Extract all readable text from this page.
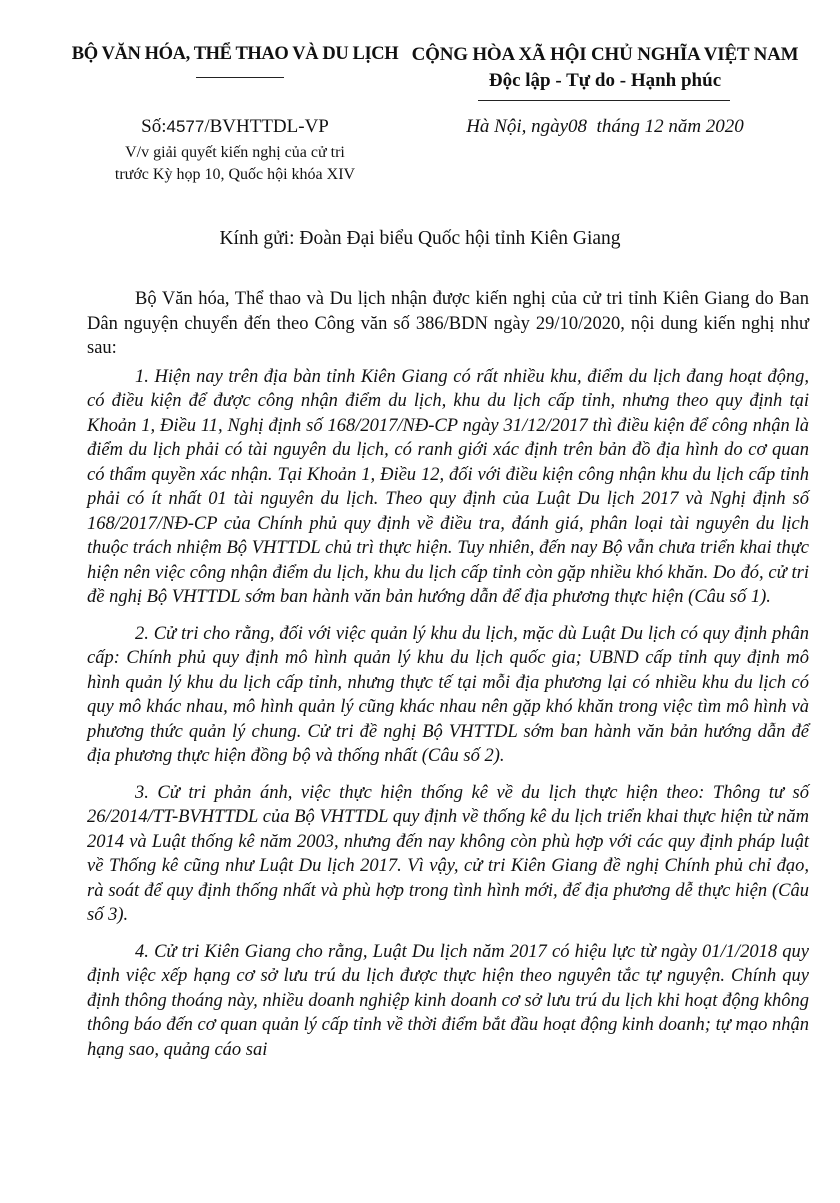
BỘ VĂN HÓA, THỂ THAO VÀ DU LỊCH CỘNG HÒA XÃ HỘI CHỦ NGHĨA VIỆT NAM
Độc lập - Tự do - Hạnh phúc
Số:4577/BVHTTDL-VP
V/v giải quyết kiến nghị của cử tri
trước Kỳ họp 10, Quốc hội khóa XIV
Hà Nội, ngày08  tháng 12 năm 2020
Kính gửi: Đoàn Đại biểu Quốc hội tỉnh Kiên Giang

Bộ Văn hóa, Thể thao và Du lịch nhận được kiến nghị của cử tri tỉnh Kiên Giang do Ban Dân nguyện chuyển đến theo Công văn số 386/BDN ngày 29/10/2020, nội dung kiến nghị như sau:

1. Hiện nay trên địa bàn tỉnh Kiên Giang có rất nhiều khu, điểm du lịch đang hoạt động, có điều kiện để được công nhận điểm du lịch, khu du lịch cấp tỉnh, nhưng theo quy định tại Khoản 1, Điều 11, Nghị định số 168/2017/NĐ-CP ngày 31/12/2017 thì điều kiện để công nhận là điểm du lịch phải có tài nguyên du lịch, có ranh giới xác định trên bản đồ địa hình do cơ quan có thẩm quyền xác nhận. Tại Khoản 1, Điều 12, đối với điều kiện công nhận khu du lịch cấp tỉnh phải có ít nhất 01 tài nguyên du lịch. Theo quy định của Luật Du lịch 2017 và Nghị định số 168/2017/NĐ-CP của Chính phủ quy định về điều tra, đánh giá, phân loại tài nguyên du lịch thuộc trách nhiệm Bộ VHTTDL chủ trì thực hiện. Tuy nhiên, đến nay Bộ vẫn chưa triển khai thực hiện nên việc công nhận điểm du lịch, khu du lịch cấp tỉnh còn gặp nhiều khó khăn. Do đó, cử tri đề nghị Bộ VHTTDL sớm ban hành văn bản hướng dẫn để địa phương thực hiện (Câu số 1).

2. Cử tri cho rằng, đối với việc quản lý khu du lịch, mặc dù Luật Du lịch có quy định phân cấp: Chính phủ quy định mô hình quản lý khu du lịch quốc gia; UBND cấp tỉnh quy định mô hình quản lý khu du lịch cấp tỉnh, nhưng thực tế tại mỗi địa phương lại có nhiều khu du lịch có quy mô khác nhau, mô hình quản lý cũng khác nhau nên gặp khó khăn trong việc tìm mô hình và phương thức quản lý chung. Cử tri đề nghị Bộ VHTTDL sớm ban hành văn bản hướng dẫn để địa phương thực hiện đồng bộ và thống nhất (Câu số 2).

3. Cử tri phản ánh, việc thực hiện thống kê về du lịch thực hiện theo: Thông tư số 26/2014/TT-BVHTTDL của Bộ VHTTDL quy định về thống kê du lịch triển khai thực hiện từ năm 2014 và Luật thống kê năm 2003, nhưng đến nay không còn phù hợp với các quy định pháp luật về Thống kê cũng như Luật Du lịch 2017. Vì vậy, cử tri Kiên Giang đề nghị Chính phủ chỉ đạo, rà soát để quy định thống nhất và phù hợp trong tình hình mới, để địa phương dễ thực hiện (Câu số 3).

4. Cử tri Kiên Giang cho rằng, Luật Du lịch năm 2017 có hiệu lực từ ngày 01/1/2018 quy định việc xếp hạng cơ sở lưu trú du lịch được thực hiện theo nguyên tắc tự nguyện. Chính quy định thông thoáng này, nhiều doanh nghiệp kinh doanh cơ sở lưu trú du lịch khi hoạt động không thông báo đến cơ quan quản lý cấp tỉnh về thời điểm bắt đầu hoạt động kinh doanh; tự mạo nhận hạng sao, quảng cáo sai
